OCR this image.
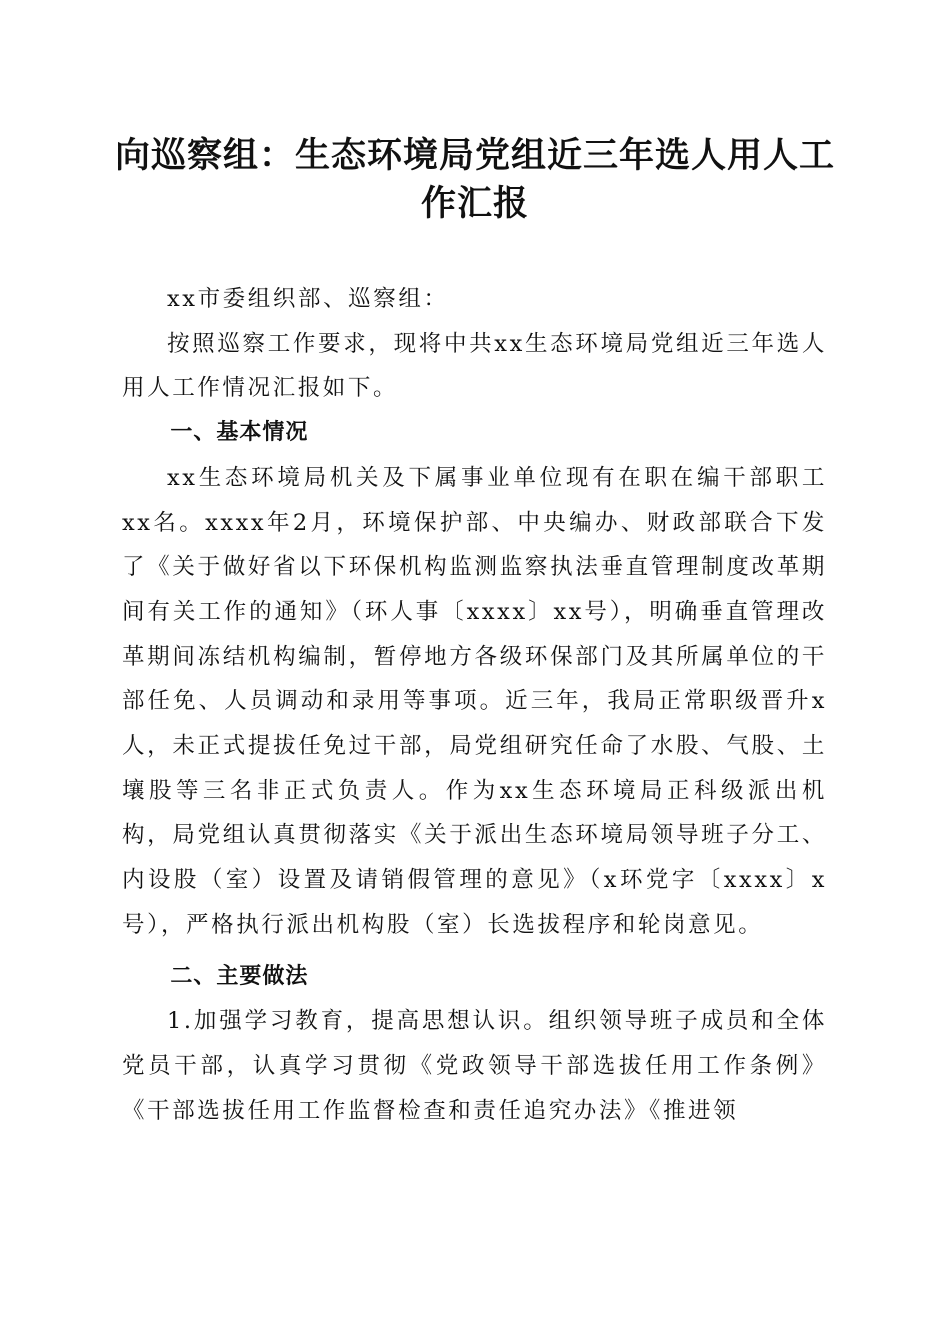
向巡察组：生态环境局党组近三年选人用人工作汇报

xx市委组织部、巡察组：

按照巡察工作要求，现将中共xx生态环境局党组近三年选人用人工作情况汇报如下。

一、基本情况

xx生态环境局机关及下属事业单位现有在职在编干部职工xx名。xxxx年2月，环境保护部、中央编办、财政部联合下发了《关于做好省以下环保机构监测监察执法垂直管理制度改革期间有关工作的通知》（环人事〔xxxx〕xx号），明确垂直管理改革期间冻结机构编制，暂停地方各级环保部门及其所属单位的干部任免、人员调动和录用等事项。近三年，我局正常职级晋升x人，未正式提拔任免过干部，局党组研究任命了水股、气股、土壤股等三名非正式负责人。作为xx生态环境局正科级派出机构，局党组认真贯彻落实《关于派出生态环境局领导班子分工、内设股（室）设置及请销假管理的意见》（x环党字〔xxxx〕x号），严格执行派出机构股（室）长选拔程序和轮岗意见。

二、主要做法

1.加强学习教育，提高思想认识。组织领导班子成员和全体党员干部，认真学习贯彻《党政领导干部选拔任用工作条例》《干部选拔任用工作监督检查和责任追究办法》《推进领
